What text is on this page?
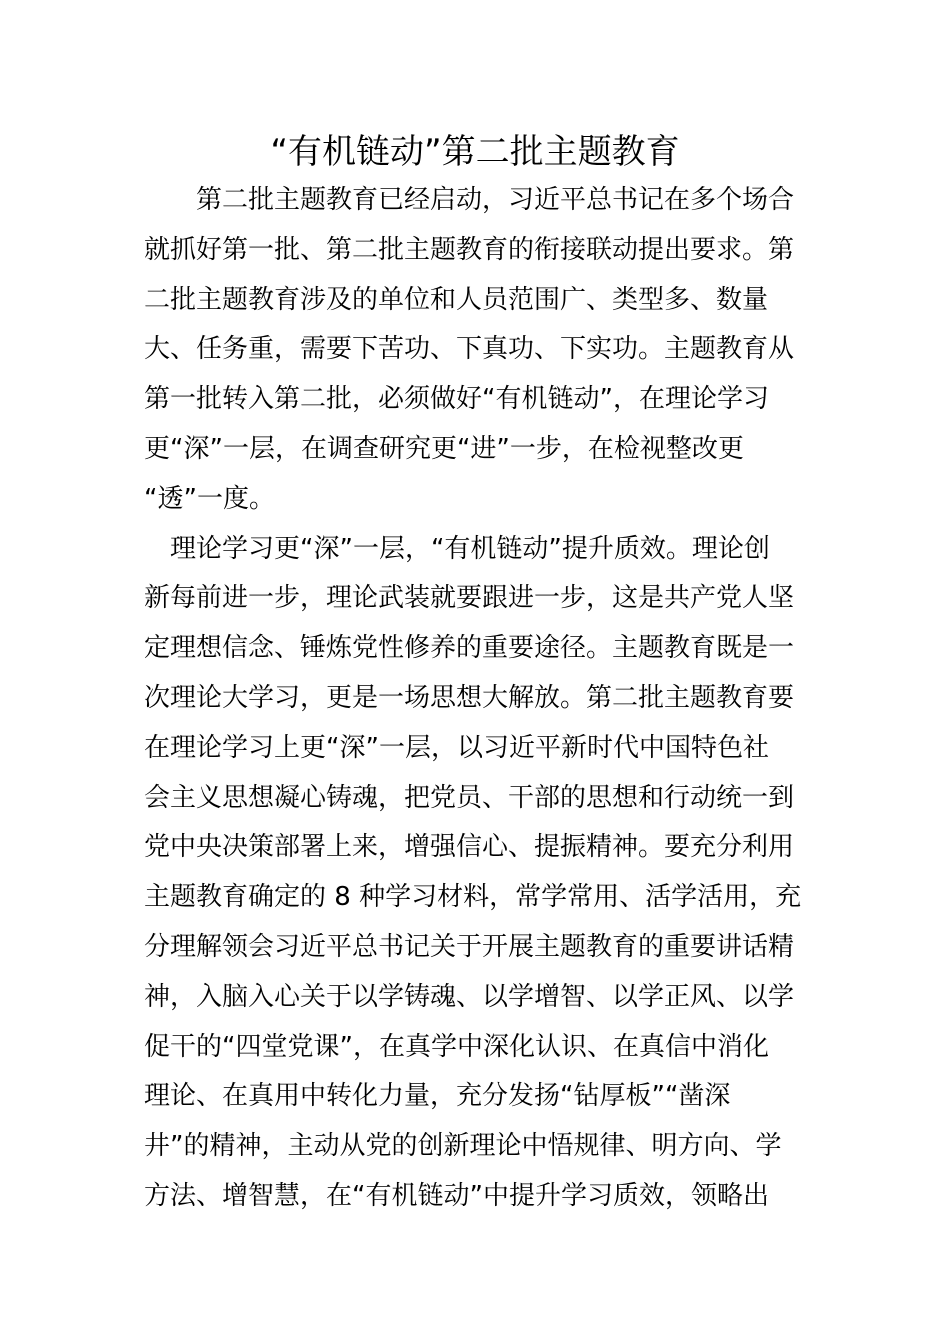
“有机链动”第二批主题教育
　　第二批主题教育已经启动，习近平总书记在多个场合
就抓好第一批、第二批主题教育的衔接联动提出要求。第
二批主题教育涉及的单位和人员范围广、类型多、数量
大、任务重，需要下苦功、下真功、下实功。主题教育从
第一批转入第二批，必须做好“有机链动”，在理论学习
更“深”一层，在调查研究更“进”一步，在检视整改更
“透”一度。
　理论学习更“深”一层，“有机链动”提升质效。理论创
新每前进一步，理论武装就要跟进一步，这是共产党人坚
定理想信念、锤炼党性修养的重要途径。主题教育既是一
次理论大学习，更是一场思想大解放。第二批主题教育要
在理论学习上更“深”一层，以习近平新时代中国特色社
会主义思想凝心铸魂，把党员、干部的思想和行动统一到
党中央决策部署上来，增强信心、提振精神。要充分利用
主题教育确定的 8 种学习材料，常学常用、活学活用，充
分理解领会习近平总书记关于开展主题教育的重要讲话精
神，入脑入心关于以学铸魂、以学增智、以学正风、以学
促干的“四堂党课”，在真学中深化认识、在真信中消化
理论、在真用中转化力量，充分发扬“钻厚板”“凿深
井”的精神，主动从党的创新理论中悟规律、明方向、学
方法、增智慧，在“有机链动”中提升学习质效，领略出
